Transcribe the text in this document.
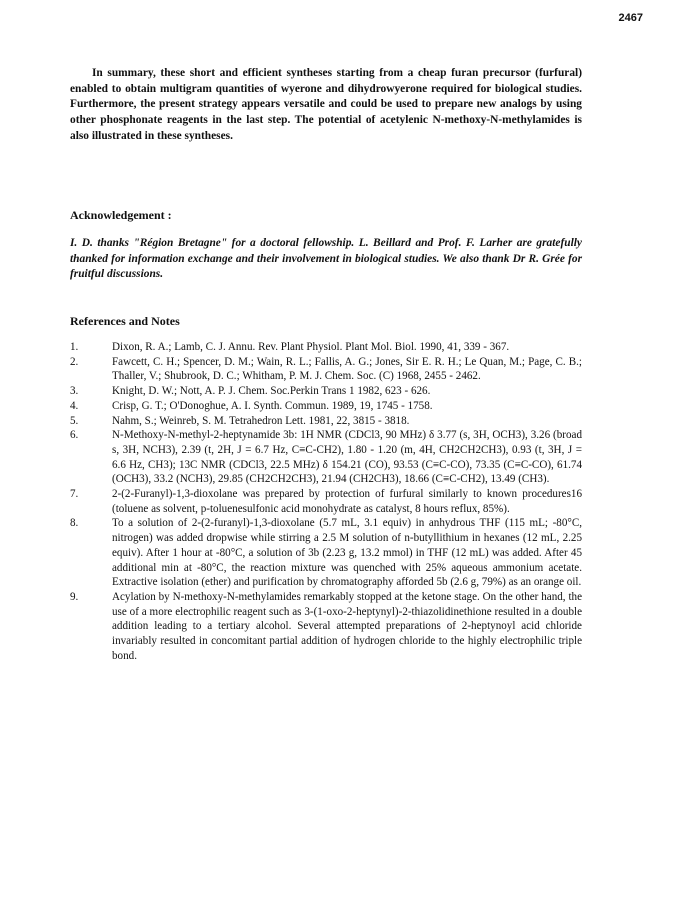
2467

In summary, these short and efficient syntheses starting from a cheap furan precursor (furfural) enabled to obtain multigram quantities of wyerone and dihydrowyerone required for biological studies. Furthermore, the present strategy appears versatile and could be used to prepare new analogs by using other phosphonate reagents in the last step. The potential of acetylenic N-methoxy-N-methylamides is also illustrated in these syntheses.

Acknowledgement :

I. D. thanks "Région Bretagne" for a doctoral fellowship. L. Beillard and Prof. F. Larher are gratefully thanked for information exchange and their involvement in biological studies. We also thank Dr R. Grée for fruitful discussions.

References and Notes
1.	Dixon, R. A.; Lamb, C. J. Annu. Rev. Plant Physiol. Plant Mol. Biol. 1990, 41, 339 - 367.
2.	Fawcett, C. H.; Spencer, D. M.; Wain, R. L.; Fallis, A. G.; Jones, Sir E. R. H.; Le Quan, M.; Page, C. B.; Thaller, V.; Shubrook, D. C.; Whitham, P. M. J. Chem. Soc. (C) 1968, 2455 - 2462.
3.	Knight, D. W.; Nott, A. P. J. Chem. Soc.Perkin Trans 1 1982, 623 - 626.
4.	Crisp, G. T.; O'Donoghue, A. I. Synth. Commun. 1989, 19, 1745 - 1758.
5.	Nahm, S.; Weinreb, S. M. Tetrahedron Lett. 1981, 22, 3815 - 3818.
6.	N-Methoxy-N-methyl-2-heptynamide 3b: 1H NMR (CDCl3, 90 MHz) δ 3.77 (s, 3H, OCH3), 3.26 (broad s, 3H, NCH3), 2.39 (t, 2H, J = 6.7 Hz, C≡C-CH2), 1.80 - 1.20 (m, 4H, CH2CH2CH3), 0.93 (t, 3H, J = 6.6 Hz, CH3); 13C NMR (CDCl3, 22.5 MHz) δ 154.21 (CO), 93.53 (C≡C-CO), 73.35 (C≡C-CO), 61.74 (OCH3), 33.2 (NCH3), 29.85 (CH2CH2CH3), 21.94 (CH2CH3), 18.66 (C≡C-CH2), 13.49 (CH3).
7.	2-(2-Furanyl)-1,3-dioxolane was prepared by protection of furfural similarly to known procedures16 (toluene as solvent, p-toluenesulfonic acid monohydrate as catalyst, 8 hours reflux, 85%).
8.	To a solution of 2-(2-furanyl)-1,3-dioxolane (5.7 mL, 3.1 equiv) in anhydrous THF (115 mL; -80°C, nitrogen) was added dropwise while stirring a 2.5 M solution of n-butyllithium in hexanes (12 mL, 2.25 equiv). After 1 hour at -80°C, a solution of 3b (2.23 g, 13.2 mmol) in THF (12 mL) was added. After 45 additional min at -80°C, the reaction mixture was quenched with 25% aqueous ammonium acetate. Extractive isolation (ether) and purification by chromatography afforded 5b (2.6 g, 79%) as an orange oil.
9.	Acylation by N-methoxy-N-methylamides remarkably stopped at the ketone stage. On the other hand, the use of a more electrophilic reagent such as 3-(1-oxo-2-heptynyl)-2-thiazolidinethione resulted in a double addition leading to a tertiary alcohol. Several attempted preparations of 2-heptynoyl acid chloride invariably resulted in concomitant partial addition of hydrogen chloride to the highly electrophilic triple bond.
